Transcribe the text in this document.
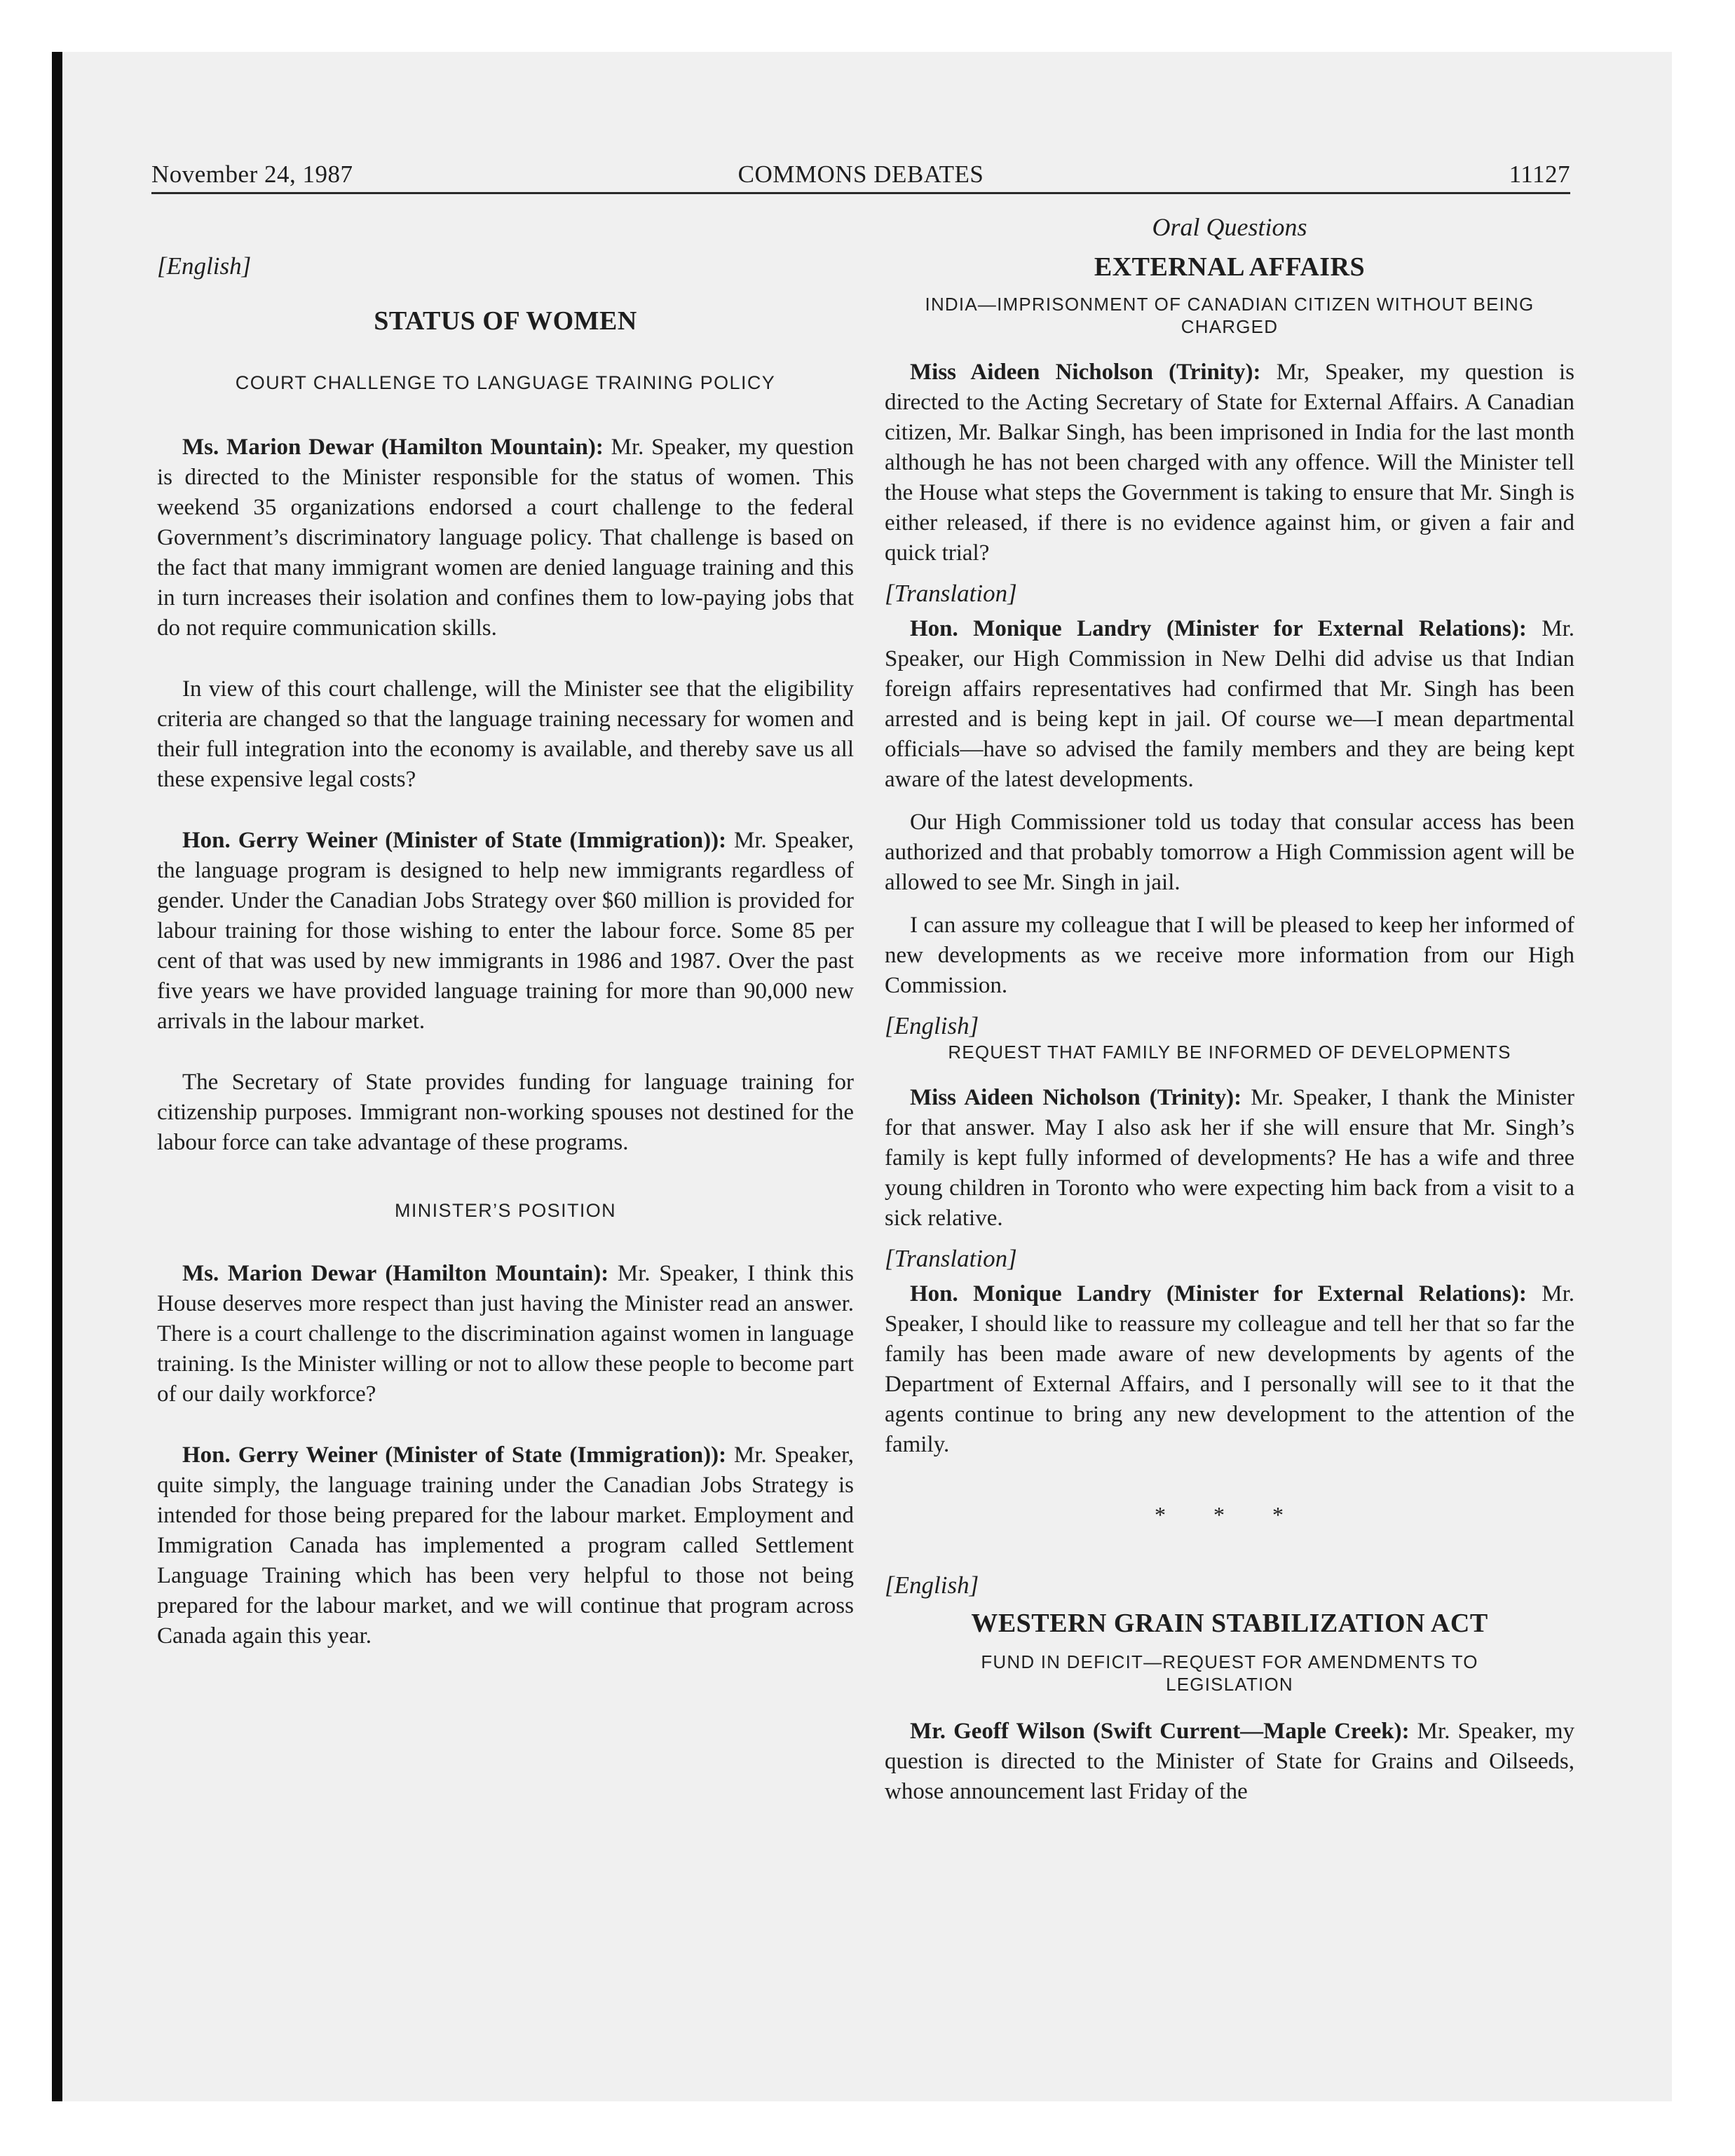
November 24, 1987	COMMONS DEBATES	11127
[English]
STATUS OF WOMEN
COURT CHALLENGE TO LANGUAGE TRAINING POLICY

Ms. Marion Dewar (Hamilton Mountain): Mr. Speaker, my question is directed to the Minister responsible for the status of women. This weekend 35 organizations endorsed a court challenge to the federal Government’s discriminatory language policy. That challenge is based on the fact that many immigrant women are denied language training and this in turn increases their isolation and confines them to low-paying jobs that do not require communication skills.

In view of this court challenge, will the Minister see that the eligibility criteria are changed so that the language training necessary for women and their full integration into the economy is available, and thereby save us all these expensive legal costs?

Hon. Gerry Weiner (Minister of State (Immigration)): Mr. Speaker, the language program is designed to help new immigrants regardless of gender. Under the Canadian Jobs Strategy over $60 million is provided for labour training for those wishing to enter the labour force. Some 85 per cent of that was used by new immigrants in 1986 and 1987. Over the past five years we have provided language training for more than 90,000 new arrivals in the labour market.

The Secretary of State provides funding for language training for citizenship purposes. Immigrant non-working spouses not destined for the labour force can take advantage of these programs.

MINISTER’S POSITION

Ms. Marion Dewar (Hamilton Mountain): Mr. Speaker, I think this House deserves more respect than just having the Minister read an answer. There is a court challenge to the discrimination against women in language training. Is the Minister willing or not to allow these people to become part of our daily workforce?

Hon. Gerry Weiner (Minister of State (Immigration)): Mr. Speaker, quite simply, the language training under the Canadian Jobs Strategy is intended for those being prepared for the labour market. Employment and Immigration Canada has implemented a program called Settlement Language Training which has been very helpful to those not being prepared for the labour market, and we will continue that program across Canada again this year.

Oral Questions
EXTERNAL AFFAIRS
INDIA—IMPRISONMENT OF CANADIAN CITIZEN WITHOUT BEING CHARGED

Miss Aideen Nicholson (Trinity): Mr, Speaker, my question is directed to the Acting Secretary of State for External Affairs. A Canadian citizen, Mr. Balkar Singh, has been imprisoned in India for the last month although he has not been charged with any offence. Will the Minister tell the House what steps the Government is taking to ensure that Mr. Singh is either released, if there is no evidence against him, or given a fair and quick trial?

[Translation]

Hon. Monique Landry (Minister for External Relations): Mr. Speaker, our High Commission in New Delhi did advise us that Indian foreign affairs representatives had confirmed that Mr. Singh has been arrested and is being kept in jail. Of course we—I mean departmental officials—have so advised the family members and they are being kept aware of the latest developments.

Our High Commissioner told us today that consular access has been authorized and that probably tomorrow a High Commission agent will be allowed to see Mr. Singh in jail.

I can assure my colleague that I will be pleased to keep her informed of new developments as we receive more information from our High Commission.

[English]
REQUEST THAT FAMILY BE INFORMED OF DEVELOPMENTS

Miss Aideen Nicholson (Trinity): Mr. Speaker, I thank the Minister for that answer. May I also ask her if she will ensure that Mr. Singh’s family is kept fully informed of developments? He has a wife and three young children in Toronto who were expecting him back from a visit to a sick relative.

[Translation]

Hon. Monique Landry (Minister for External Relations): Mr. Speaker, I should like to reassure my colleague and tell her that so far the family has been made aware of new developments by agents of the Department of External Affairs, and I personally will see to it that the agents continue to bring any new development to the attention of the family.

* * *
[English]
WESTERN GRAIN STABILIZATION ACT
FUND IN DEFICIT—REQUEST FOR AMENDMENTS TO LEGISLATION

Mr. Geoff Wilson (Swift Current—Maple Creek): Mr. Speaker, my question is directed to the Minister of State for Grains and Oilseeds, whose announcement last Friday of the
